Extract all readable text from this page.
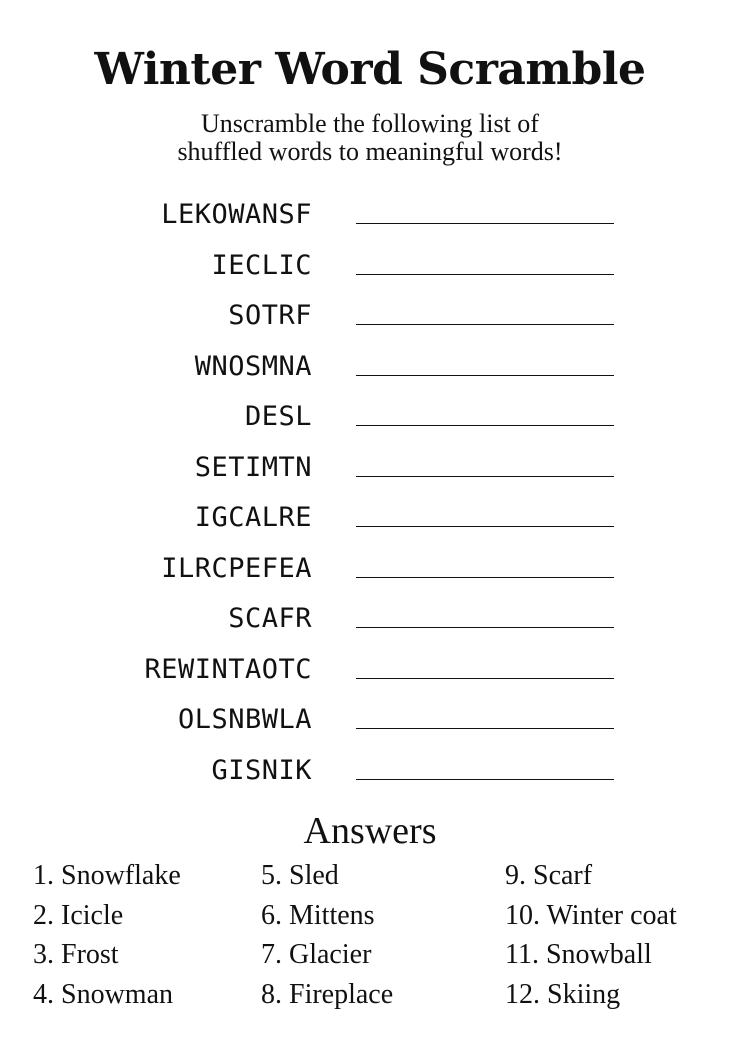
Winter Word Scramble
Unscramble the following list of
shuffled words to meaningful words!
LEKOWANSF
IECLIC
SOTRF
WNOSMNA
DESL
SETIMTN
IGCALRE
ILRCPEFEA
SCAFR
REWINTAOTC
OLSNBWLA
GISNIK
Answers
1. Snowflake
2. Icicle
3. Frost
4. Snowman
5. Sled
6. Mittens
7. Glacier
8. Fireplace
9. Scarf
10. Winter coat
11. Snowball
12. Skiing
